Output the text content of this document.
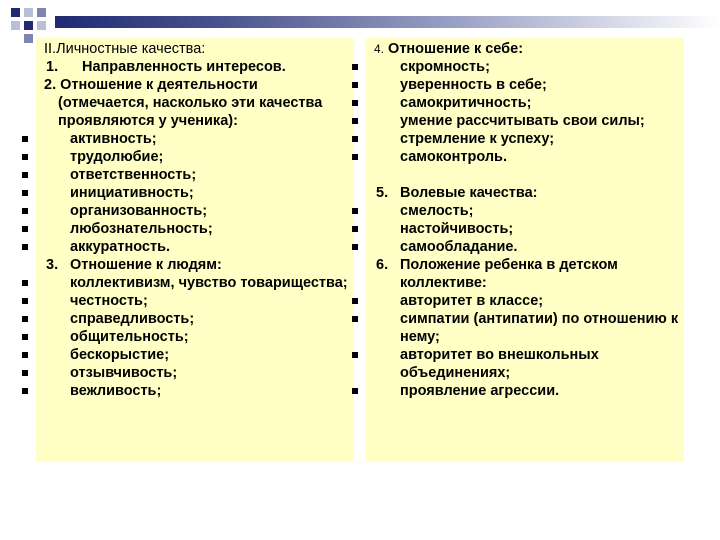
II.Личностные качества:
1.	Направленность интересов.
2. Отношение к деятельности (отмечается, насколько эти качества проявляются у ученика):
активность;
трудолюбие;
ответственность;
инициативность;
организованность;
любознательность;
аккуратность.
3. Отношение к людям:
коллективизм, чувство товарищества;
честность;
справедливость;
общительность;
бескорыстие;
отзывчивость;
вежливость;
4. Отношение к себе:
скромность;
уверенность в себе;
самокритичность;
умение рассчитывать свои силы;
стремление к успеху;
самоконтроль.
5. Волевые качества:
смелость;
настойчивость;
самообладание.
6. Положение ребенка в детском коллективе:
авторитет в классе;
симпатии (антипатии) по отношению к нему;
авторитет во внешкольных объединениях;
проявление агрессии.
